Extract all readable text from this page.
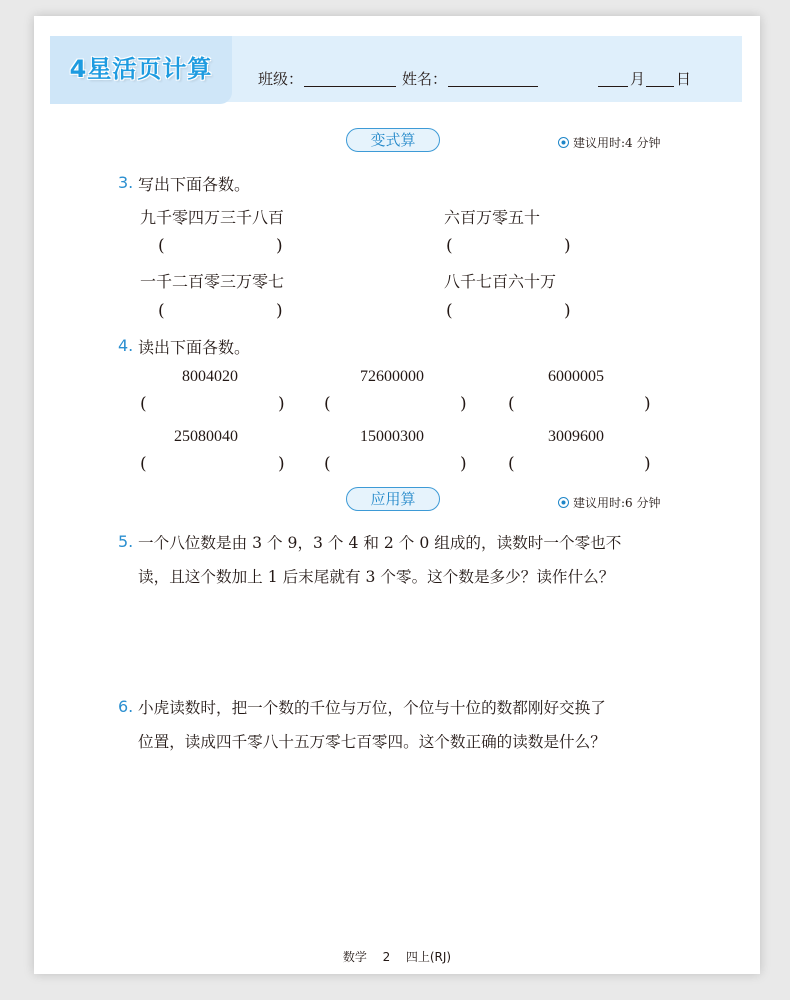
4星活页计算	班级：	姓名：	月 日
变式算	建议用时:4 分钟
3. 写出下面各数。
九千零四万三千八百	六百万零五十
(	)	(	)
一千二百零三万零七	八千七百六十万
(	)	(	)
4. 读出下面各数。
8004020	72600000	6000005
(	) (	) (	)
25080040	15000300	3009600
(	) (	) (	)
应用算	建议用时:6 分钟
5. 一个八位数是由 3 个 9，3 个 4 和 2 个 0 组成的，读数时一个零也不
读，且这个数加上 1 后末尾就有 3 个零。这个数是多少？读作什么？
6. 小虎读数时，把一个数的千位与万位，个位与十位的数都刚好交换了
位置，读成四千零八十五万零七百零四。这个数正确的读数是什么？
数学 2 四上(RJ)
